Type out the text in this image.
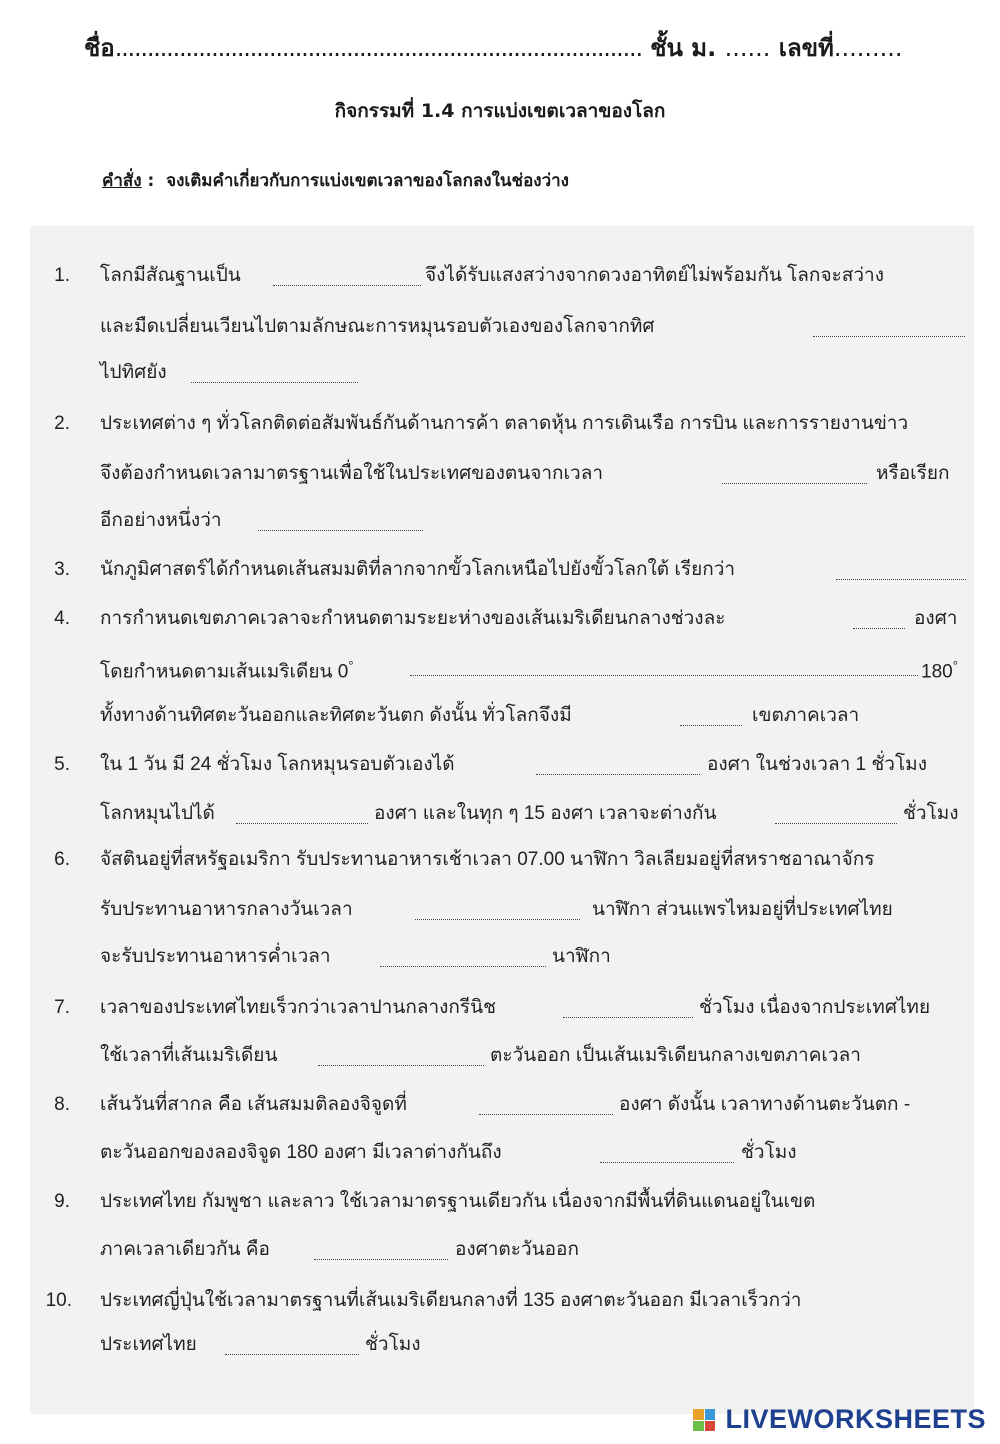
ชื่อ.................................................................................. ชั้น ม. ...... เลขที่.........
กิจกรรมที่ 1.4 การแบ่งเขตเวลาของโลก
คำสั่ง : จงเติมคำเกี่ยวกับการแบ่งเขตเวลาของโลกลงในช่องว่าง
1. โลกมีสัณฐานเป็น	จึงได้รับแสงสว่างจากดวงอาทิตย์ไม่พร้อมกัน โลกจะสว่าง
และมืดเปลี่ยนเวียนไปตามลักษณะการหมุนรอบตัวเองของโลกจากทิศ
ไปทิศยัง
2. ประเทศต่าง ๆ ทั่วโลกติดต่อสัมพันธ์กันด้านการค้า ตลาดหุ้น การเดินเรือ การบิน และการรายงานข่าว
จึงต้องกำหนดเวลามาตรฐานเพื่อใช้ในประเทศของตนจากเวลา	หรือเรียก
อีกอย่างหนึ่งว่า
3. นักภูมิศาสตร์ได้กำหนดเส้นสมมติที่ลากจากขั้วโลกเหนือไปยังขั้วโลกใต้ เรียกว่า
4. การกำหนดเขตภาคเวลาจะกำหนดตามระยะห่างของเส้นเมริเดียนกลางช่วงละ	องศา
โดยกำหนดตามเส้นเมริเดียน 0°	180°
ทั้งทางด้านทิศตะวันออกและทิศตะวันตก ดังนั้น ทั่วโลกจึงมี	เขตภาคเวลา
5. ใน 1 วัน มี 24 ชั่วโมง โลกหมุนรอบตัวเองได้	องศา ในช่วงเวลา 1 ชั่วโมง
โลกหมุนไปได้	องศา และในทุก ๆ 15 องศา เวลาจะต่างกัน	ชั่วโมง
6. จัสตินอยู่ที่สหรัฐอเมริกา รับประทานอาหารเช้าเวลา 07.00 นาฬิกา วิลเลียมอยู่ที่สหราชอาณาจักร
รับประทานอาหารกลางวันเวลา	นาฬิกา ส่วนแพรไหมอยู่ที่ประเทศไทย
จะรับประทานอาหารค่ำเวลา	นาฬิกา
7. เวลาของประเทศไทยเร็วกว่าเวลาปานกลางกรีนิช	ชั่วโมง เนื่องจากประเทศไทย
ใช้เวลาที่เส้นเมริเดียน	ตะวันออก เป็นเส้นเมริเดียนกลางเขตภาคเวลา
8. เส้นวันที่สากล คือ เส้นสมมติลองจิจูดที่	องศา ดังนั้น เวลาทางด้านตะวันตก -
ตะวันออกของลองจิจูด 180 องศา มีเวลาต่างกันถึง	ชั่วโมง
9. ประเทศไทย กัมพูชา และลาว ใช้เวลามาตรฐานเดียวกัน เนื่องจากมีพื้นที่ดินแดนอยู่ในเขต
ภาคเวลาเดียวกัน คือ	องศาตะวันออก
10. ประเทศญี่ปุ่นใช้เวลามาตรฐานที่เส้นเมริเดียนกลางที่ 135 องศาตะวันออก มีเวลาเร็วกว่า
ประเทศไทย	ชั่วโมง
LIVEWORKSHEETS
